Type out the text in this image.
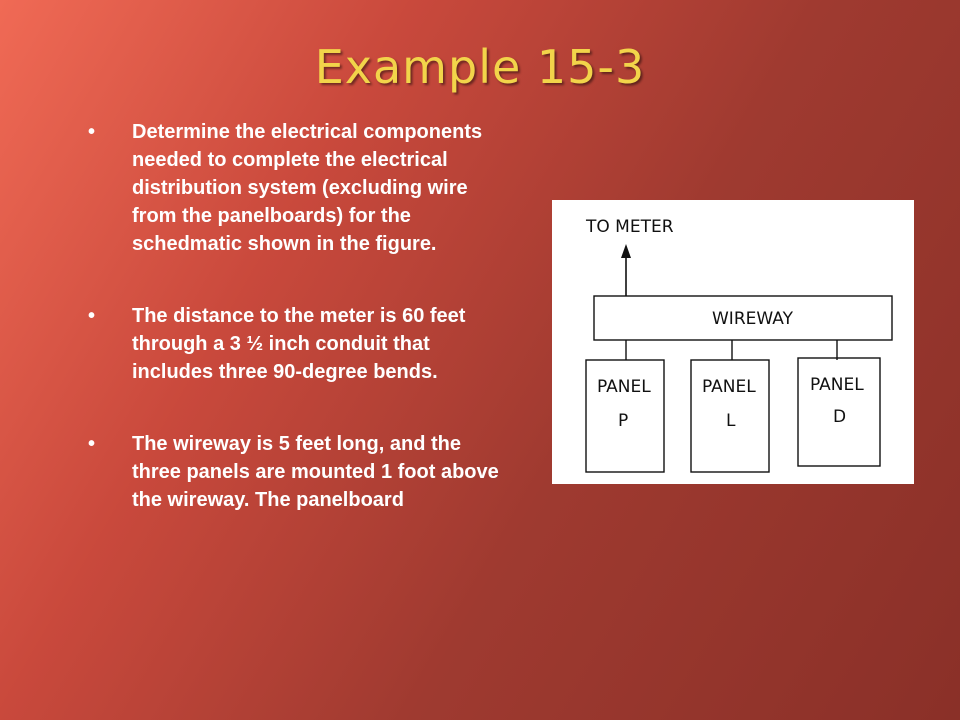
Example 15-3
•	Determine the electrical components needed to complete the electrical distribution system (excluding wire from the panelboards) for the schedmatic shown in the figure.
•	The distance to the meter is 60 feet through a 3 ½ inch conduit that includes three 90-degree bends.
•	The wireway is 5 feet long, and the three panels are mounted 1 foot above the wireway. The panelboard
TO METER
WIREWAY
PANEL
P
PANEL
L
PANEL
D
